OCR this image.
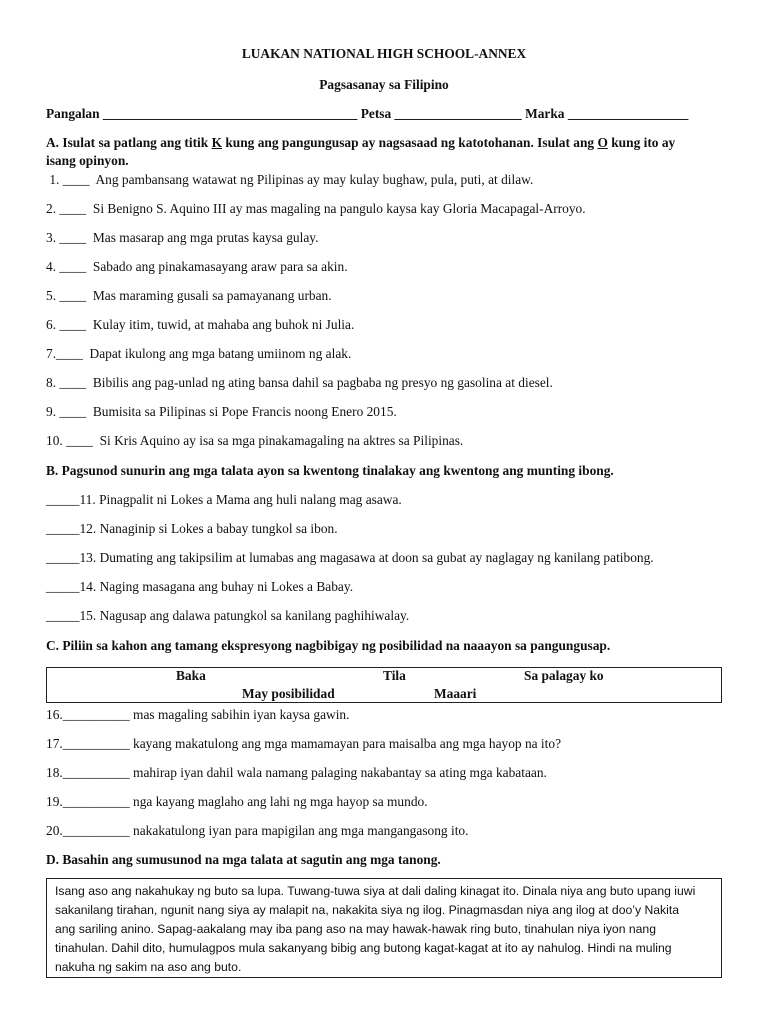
LUAKAN NATIONAL HIGH SCHOOL-ANNEX
Pagsasanay sa Filipino
Pangalan ______________________________________ Petsa ___________________ Marka __________________
A. Isulat sa patlang ang titik K kung ang pangungusap ay nagsasaad ng katotohanan. Isulat ang O kung ito ay
isang opinyon.
1. ____  Ang pambansang watawat ng Pilipinas ay may kulay bughaw, pula, puti, at dilaw.
2. ____  Si Benigno S. Aquino III ay mas magaling na pangulo kaysa kay Gloria Macapagal-Arroyo.
3. ____  Mas masarap ang mga prutas kaysa gulay.
4. ____  Sabado ang pinakamasayang araw para sa akin.
5. ____  Mas maraming gusali sa pamayanang urban.
6. ____  Kulay itim, tuwid, at mahaba ang buhok ni Julia.
7.____  Dapat ikulong ang mga batang umiinom ng alak.
8. ____  Bibilis ang pag-unlad ng ating bansa dahil sa pagbaba ng presyo ng gasolina at diesel.
9. ____  Bumisita sa Pilipinas si Pope Francis noong Enero 2015.
10. ____  Si Kris Aquino ay isa sa mga pinakamagaling na aktres sa Pilipinas.
B. Pagsunod sunurin ang mga talata ayon sa kwentong tinalakay ang kwentong ang munting ibong.
_____11. Pinagpalit ni Lokes a Mama ang huli nalang mag asawa.
_____12. Nanaginip si Lokes a babay tungkol sa ibon.
_____13. Dumating ang takipsilim at lumabas ang magasawa at doon sa gubat ay naglagay ng kanilang patibong.
_____14. Naging masagana ang buhay ni Lokes a Babay.
_____15. Nagusap ang dalawa patungkol sa kanilang paghihiwalay.
C. Piliin sa kahon ang tamang ekspresyong nagbibigay ng posibilidad na naaayon sa pangungusap.
Baka	Tila	Sa palagay ko
May posibilidad	Maaari
16.__________ mas magaling sabihin iyan kaysa gawin.
17.__________ kayang makatulong ang mga mamamayan para maisalba ang mga hayop na ito?
18.__________ mahirap iyan dahil wala namang palaging nakabantay sa ating mga kabataan.
19.__________ nga kayang maglaho ang lahi ng mga hayop sa mundo.
20.__________ nakakatulong iyan para mapigilan ang mga mangangasong ito.
D. Basahin ang sumusunod na mga talata at sagutin ang mga tanong.
Isang aso ang nakahukay ng buto sa lupa. Tuwang-tuwa siya at dali daling kinagat ito. Dinala niya ang buto upang iuwi
sakanilang tirahan, ngunit nang siya ay malapit na, nakakita siya ng ilog. Pinagmasdan niya ang ilog at doo’y Nakita
ang sariling anino. Sapag-aakalang may iba pang aso na may hawak-hawak ring buto, tinahulan niya iyon nang
tinahulan. Dahil dito, humulagpos mula sakanyang bibig ang butong kagat-kagat at ito ay nahulog. Hindi na muling
nakuha ng sakim na aso ang buto.
